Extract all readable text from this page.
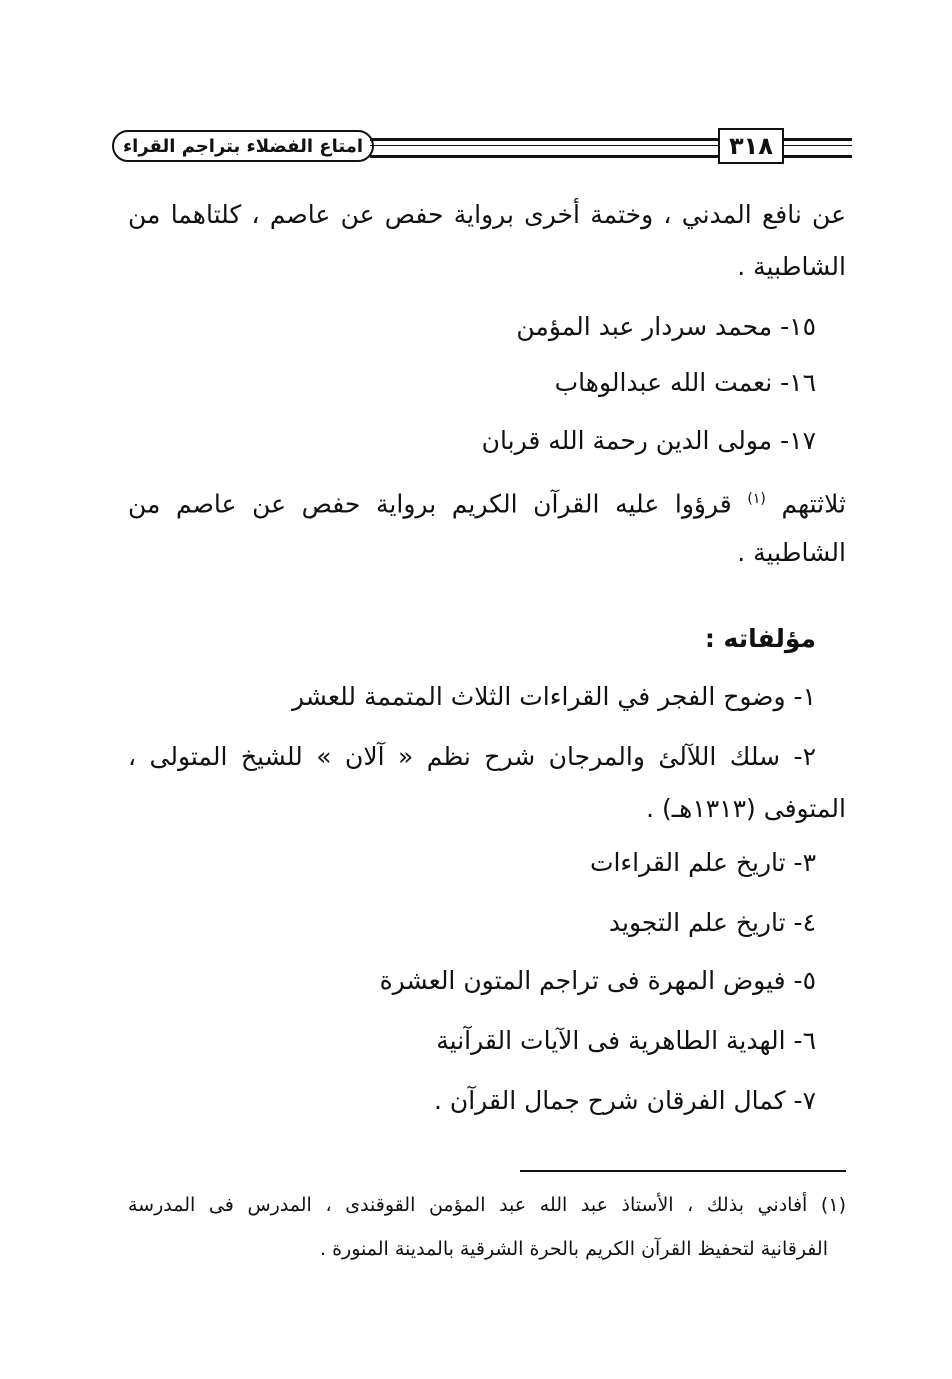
امتاع الفضلاء بتراجم القراء	٣١٨
عن نافع المدني ، وختمة أخرى برواية حفص عن عاصم ، كلتاهما من
الشاطبية .
١٥- محمد سردار عبد المؤمن
١٦- نعمت الله عبدالوهاب
١٧- مولى الدين رحمة الله قربان
ثلاثتهم $^{(١)}$ قرؤوا عليه القرآن الكريم برواية حفص عن عاصم من
الشاطبية .
مؤلفاته :
١- وضوح الفجر في القراءات الثلاث المتممة للعشر
٢- سلك اللآلئ والمرجان شرح نظم « آلان » للشيخ المتولى ،
المتوفى (١٣١٣هـ) .
٣- تاريخ علم القراءات
٤- تاريخ علم التجويد
٥- فيوض المهرة فى تراجم المتون العشرة
٦- الهدية الطاهرية فى الآيات القرآنية
٧- كمال الفرقان شرح جمال القرآن .
(١) أفادني بذلك ، الأستاذ عبد الله عبد المؤمن القوقندى ، المدرس فى المدرسة
الفرقانية لتحفيظ القرآن الكريم بالحرة الشرقية بالمدينة المنورة .
